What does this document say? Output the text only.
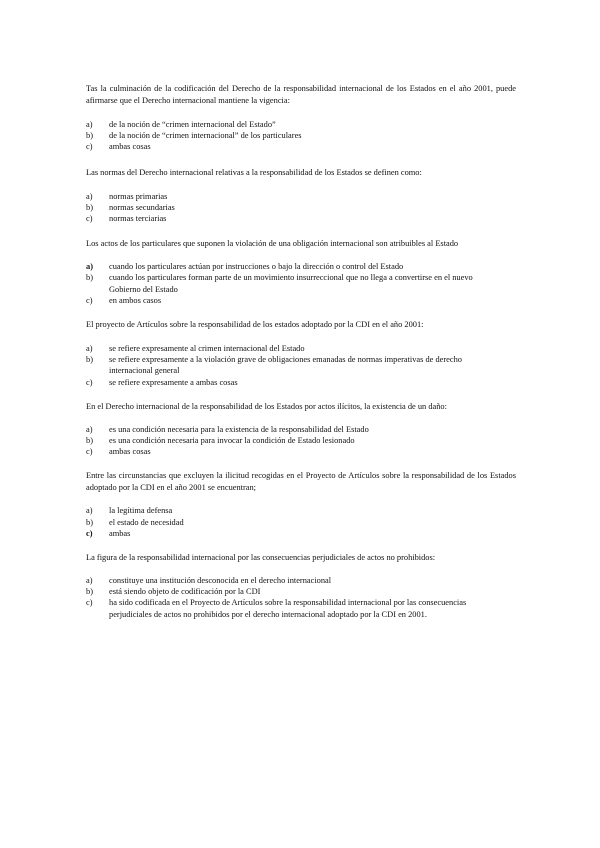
Tas la culminación de la codificación del Derecho de la responsabilidad internacional de los Estados en el año 2001, puede afirmarse que el Derecho internacional mantiene la vigencia:

a)	de la noción de “crimen internacional del Estado”
b)	de la noción de “crimen internacional” de los particulares
c)	ambas cosas

Las normas del Derecho internacional relativas a la responsabilidad de los Estados se definen como:

a)	normas primarias
b)	normas secundarias
c)	normas terciarias

Los actos de los particulares que suponen la violación de una obligación internacional son atribuibles al Estado

a)	cuando los particulares actúan por instrucciones o bajo la dirección o control del Estado
b)	cuando los particulares forman parte de un movimiento insurreccional que no llega a convertirse en el nuevo Gobierno del Estado
c)	en ambos casos

El proyecto de Artículos sobre la responsabilidad de los estados adoptado por la CDI en el año 2001:

a)	se refiere expresamente al crimen internacional del Estado
b)	se refiere expresamente a la violación grave de obligaciones emanadas de normas imperativas de derecho internacional general
c)	se refiere expresamente a ambas cosas

En el Derecho internacional de la responsabilidad de los Estados por actos ilícitos, la existencia de un daño:

a)	es una condición necesaria para la existencia de la responsabilidad del Estado
b)	es una condición necesaria para invocar la condición de Estado lesionado
c)	ambas cosas

Entre las circunstancias que excluyen la ilicitud recogidas en el Proyecto de Artículos sobre la responsabilidad de los Estados adoptado por la CDI en el año 2001 se encuentran;

a)	la legítima defensa
b)	el estado de necesidad
c)	ambas

La figura de la responsabilidad internacional por las consecuencias perjudiciales de actos no prohibidos:

a)	constituye una institución desconocida en el derecho internacional
b)	está siendo objeto de codificación por la CDI
c)	ha sido codificada en el Proyecto de Artículos sobre la responsabilidad internacional por las consecuencias perjudiciales de actos no prohibidos por el derecho internacional adoptado por la CDI en 2001.
